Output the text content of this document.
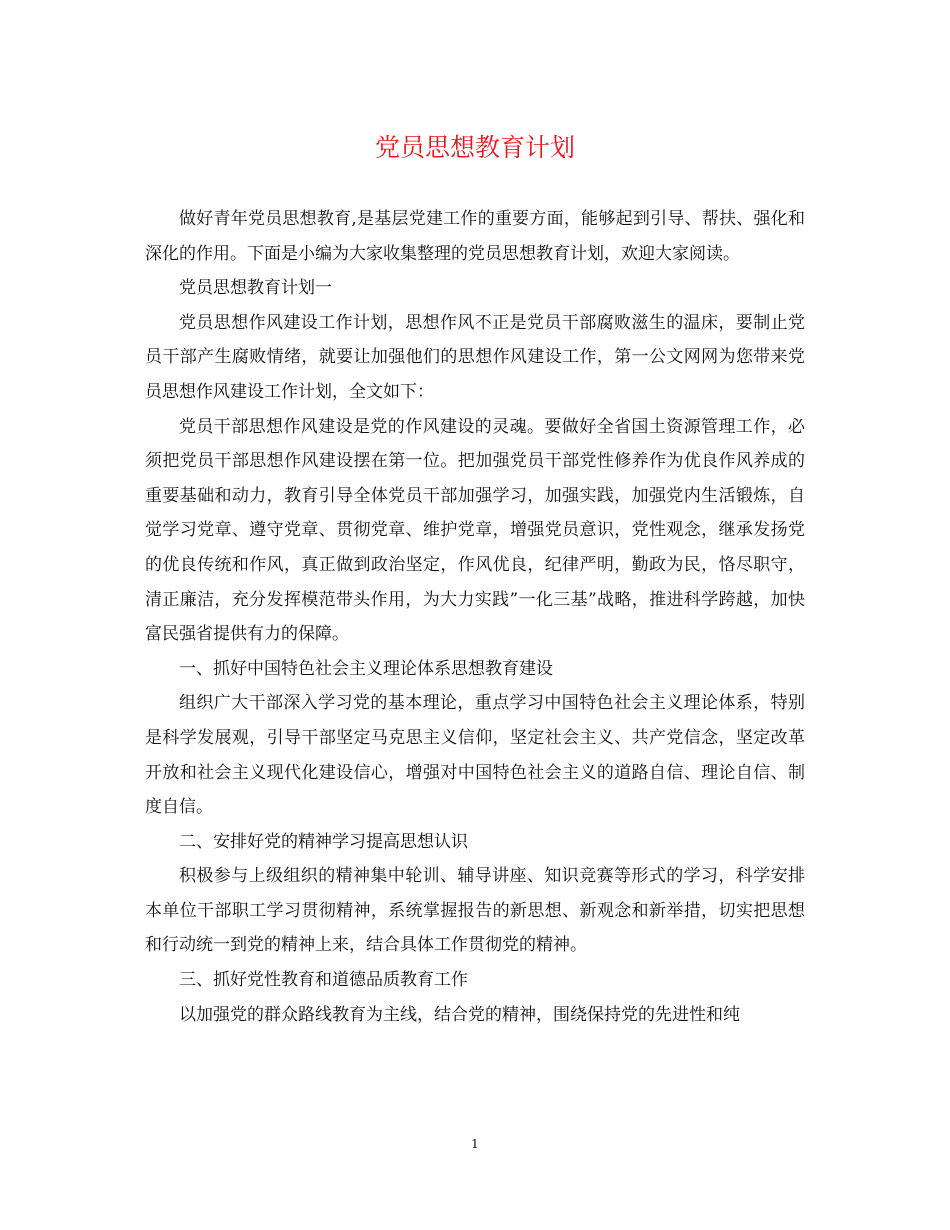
党员思想教育计划

做好青年党员思想教育,是基层党建工作的重要方面，能够起到引导、帮扶、强化和深化的作用。下面是小编为大家收集整理的党员思想教育计划，欢迎大家阅读。

党员思想教育计划一

党员思想作风建设工作计划，思想作风不正是党员干部腐败滋生的温床，要制止党员干部产生腐败情绪，就要让加强他们的思想作风建设工作，第一公文网网为您带来党员思想作风建设工作计划，全文如下：

党员干部思想作风建设是党的作风建设的灵魂。要做好全省国土资源管理工作，必须把党员干部思想作风建设摆在第一位。把加强党员干部党性修养作为优良作风养成的重要基础和动力，教育引导全体党员干部加强学习，加强实践，加强党内生活锻炼，自觉学习党章、遵守党章、贯彻党章、维护党章，增强党员意识，党性观念，继承发扬党的优良传统和作风，真正做到政治坚定，作风优良，纪律严明，勤政为民，恪尽职守，清正廉洁，充分发挥模范带头作用，为大力实践”一化三基”战略，推进科学跨越，加快富民强省提供有力的保障。

一、抓好中国特色社会主义理论体系思想教育建设

组织广大干部深入学习党的基本理论，重点学习中国特色社会主义理论体系，特别是科学发展观，引导干部坚定马克思主义信仰，坚定社会主义、共产党信念，坚定改革开放和社会主义现代化建设信心，增强对中国特色社会主义的道路自信、理论自信、制度自信。

二、安排好党的精神学习提高思想认识

积极参与上级组织的精神集中轮训、辅导讲座、知识竞赛等形式的学习，科学安排本单位干部职工学习贯彻精神，系统掌握报告的新思想、新观念和新举措，切实把思想和行动统一到党的精神上来，结合具体工作贯彻党的精神。

三、抓好党性教育和道德品质教育工作

以加强党的群众路线教育为主线，结合党的精神，围绕保持党的先进性和纯

1
